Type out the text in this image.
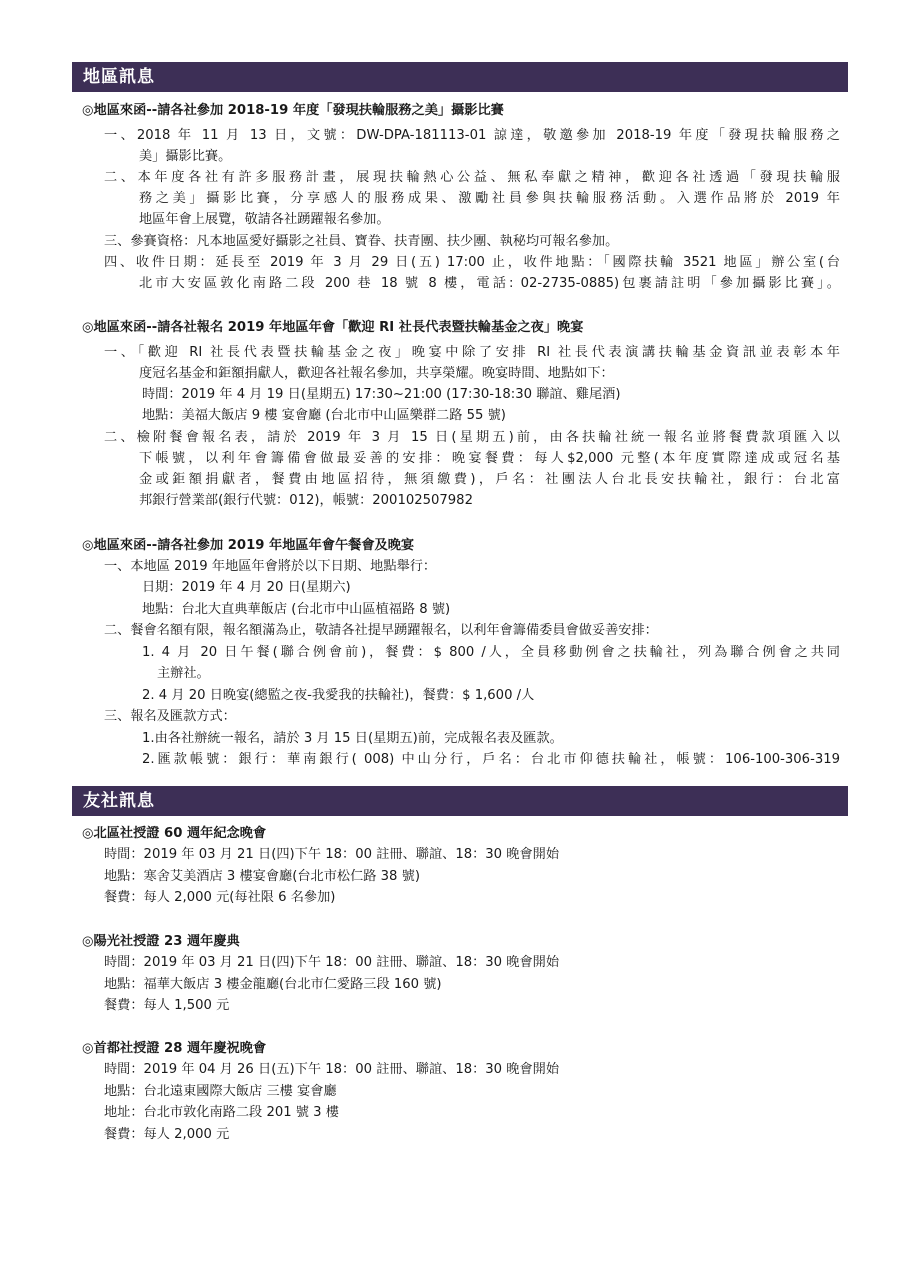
地區訊息
◎地區來函--請各社參加 2018-19 年度「發現扶輪服務之美」攝影比賽
一、2018 年 11 月 13 日，文號：DW-DPA-181113-01 諒達，敬邀參加 2018-19 年度「發現扶輪服務之
美」攝影比賽。
二、本年度各社有許多服務計畫，展現扶輪熱心公益、無私奉獻之精神，歡迎各社透過「發現扶輪服
務之美」攝影比賽，分享感人的服務成果、激勵社員參與扶輪服務活動。入選作品將於 2019 年
地區年會上展覽，敬請各社踴躍報名參加。
三、參賽資格：凡本地區愛好攝影之社員、寶眷、扶青團、扶少團、執秘均可報名參加。
四、收件日期：延長至 2019 年 3 月 29 日(五) 17:00 止，收件地點：「國際扶輪 3521 地區」辦公室(台
北市大安區敦化南路二段 200 巷 18 號 8 樓，電話: 02-2735-0885)包裹請註明「參加攝影比賽」。
◎地區來函--請各社報名 2019 年地區年會「歡迎 RI 社長代表暨扶輪基金之夜」晚宴
一、「歡迎 RI 社長代表暨扶輪基金之夜」晚宴中除了安排 RI 社長代表演講扶輪基金資訊並表彰本年
度冠名基金和鉅額捐獻人，歡迎各社報名參加，共享榮耀。晚宴時間、地點如下：
時間：2019 年 4 月 19 日(星期五) 17:30~21:00 (17:30-18:30 聯誼、雞尾酒)
地點：美福大飯店 9 樓 宴會廳 (台北市中山區樂群二路 55 號)
二、檢附餐會報名表，請於 2019 年 3 月 15 日(星期五)前，由各扶輪社統一報名並將餐費款項匯入以
下帳號，以利年會籌備會做最妥善的安排：晚宴餐費：每人$2,000 元整(本年度實際達成或冠名基
金或鉅額捐獻者，餐費由地區招待，無須繳費)，戶名：社團法人台北長安扶輪社，銀行：台北富
邦銀行營業部(銀行代號：012)，帳號：200102507982
◎地區來函--請各社參加 2019 年地區年會午餐會及晚宴
一、本地區 2019 年地區年會將於以下日期、地點舉行：
日期：2019 年 4 月 20 日(星期六)
地點：台北大直典華飯店 (台北市中山區植福路 8 號)
二、餐會名額有限，報名額滿為止，敬請各社提早踴躍報名，以利年會籌備委員會做妥善安排：
1. 4 月 20 日午餐(聯合例會前)，餐費：$ 800 /人，全員移動例會之扶輪社，列為聯合例會之共同
主辦社。
2. 4 月 20 日晚宴(總監之夜-我愛我的扶輪社)，餐費：$ 1,600 /人
三、報名及匯款方式：
1.由各社辦統一報名，請於 3 月 15 日(星期五)前，完成報名表及匯款。
2.匯款帳號：銀行：華南銀行( 008) 中山分行，戶名：台北市仰德扶輪社，帳號：106-100-306-319
友社訊息
◎北區社授證 60 週年紀念晚會
時間：2019 年 03 月 21 日(四)下午 18：00 註冊、聯誼、18：30 晚會開始
地點：寒舍艾美酒店 3 樓宴會廳(台北市松仁路 38 號)
餐費：每人 2,000 元(每社限 6 名參加)
◎陽光社授證 23 週年慶典
時間：2019 年 03 月 21 日(四)下午 18：00 註冊、聯誼、18：30 晚會開始
地點：福華大飯店 3 樓金龍廳(台北市仁愛路三段 160 號)
餐費：每人 1,500 元
◎首都社授證 28 週年慶祝晚會
時間：2019 年 04 月 26 日(五)下午 18：00 註冊、聯誼、18：30 晚會開始
地點：台北遠東國際大飯店 三樓 宴會廳
地址：台北市敦化南路二段 201 號 3 樓
餐費：每人 2,000 元
